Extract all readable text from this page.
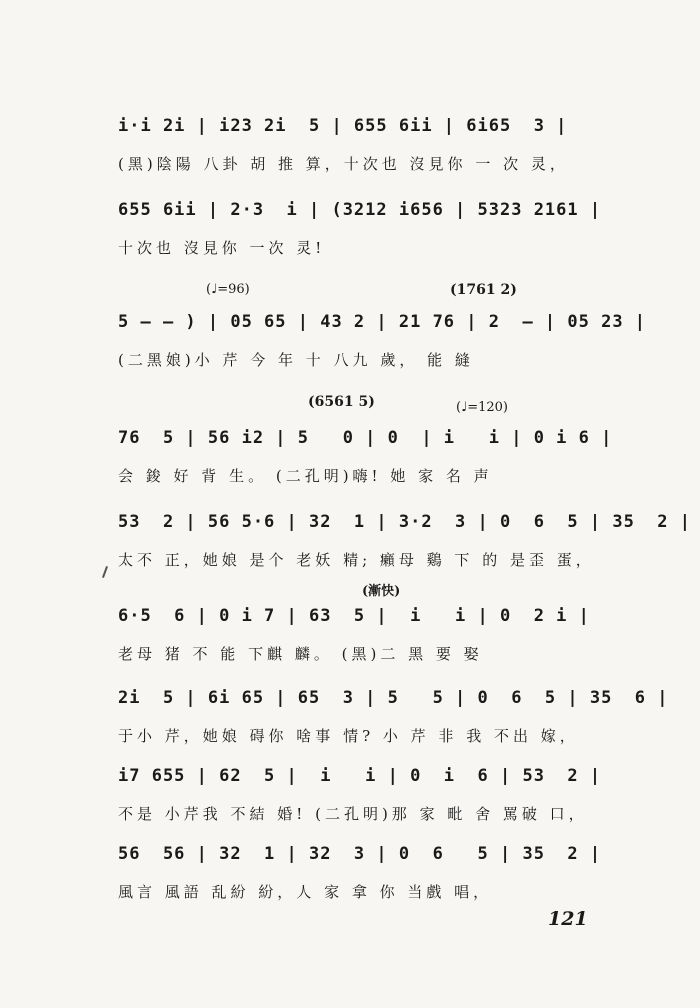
i·i 2i | i23 2i  5 | 655 6ii | 6i65  3 |
(黑)陰陽 八卦 胡 推 算，十次也 沒見你 一 次 灵，
655 6ii | 2·3  i | (3212 i656 | 5323 2161 |
十次也 沒見你 一次 灵!
(♩=96)	(1761 2)
5 — — ) | 05 65 | 43 2 | 21 76 | 2  — | 05 23 |
(二黑娘)小 芹 今 年 十 八九 歲， 能 縫
(6561 5)	(♩=120)
76  5 | 56 i2 | 5   0 | 0  | i   i | 0 i 6 |
会 鋑 好 背 生。 (二孔明)嗨! 她 家 名 声
53  2 | 56 5·6 | 32  1 | 3·2  3 | 0  6  5 | 35  2 |
太不 正，她娘 是个 老妖 精; 癩母 鷄 下 的 是歪 蛋，
(漸快)
6·5  6 | 0 i 7 | 63  5 |  i   i | 0  2 i |
老母 猪 不 能 下麒 麟。 (黑)二 黑 要 娶
2i  5 | 6i 65 | 65  3 | 5   5 | 0  6  5 | 35  6 |
于小 芹，她娘 碍你 啥事 情? 小 芹 非 我 不出 嫁，
i7 655 | 62  5 |  i   i | 0  i  6 | 53  2 |
不是 小芹我 不結 婚! (二孔明)那 家 毗 舍 罵破 口，
56  56 | 32  1 | 32  3 | 0  6   5 | 35  2 |
風言 風語 乱紛 紛，人 家 拿 你 当戲 唱，
121
